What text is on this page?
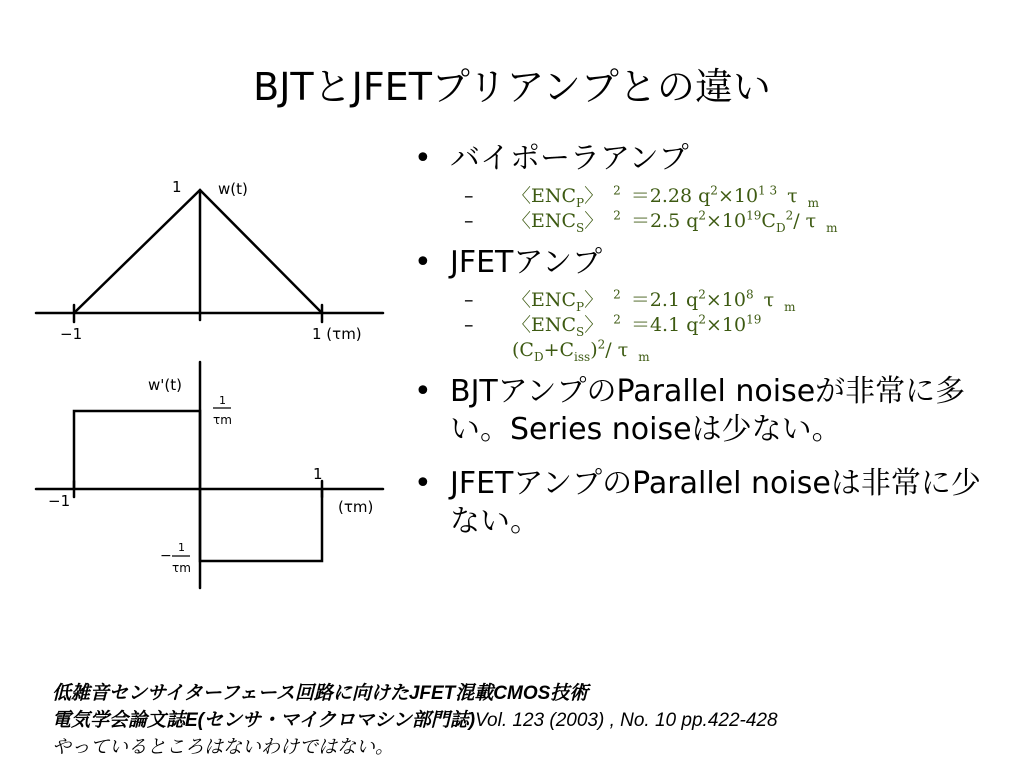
BJTとJFETプリアンプとの違い
1 w(t)
−1	1 (τm)
w'(t)
1
τm
−1
1
(τm)
−
1
τm
• バイポーラアンプ
– 〈$ENC_P$〉 $^2$ ＝2.28 $q^2\times 10^{1 3}$ τ $_m$
– 〈$ENC_S$〉 $^2$ ＝2.5 $q^2\times 10^{19}C_D^2/$ τ $_m$
• JFETアンプ
– 〈$ENC_P$〉 $^2$ ＝2.1 $q^2\times 10^8$ τ $_m$
– 〈$ENC_S$〉 $^2$ ＝4.1 $q^2\times 10^{19}$
$(C_D+C_{iss})^2/$ τ $_m$
• BJTアンプのParallel noiseが非常に多い。Series noiseは少ない。
• JFETアンプのParallel noiseは非常に少ない。
低雑音センサイターフェース回路に向けたJFET混載CMOS技術
電気学会論文誌E(センサ・マイクロマシン部門誌)Vol. 123 (2003) , No. 10 pp.422-428
やっているところはないわけではない。
